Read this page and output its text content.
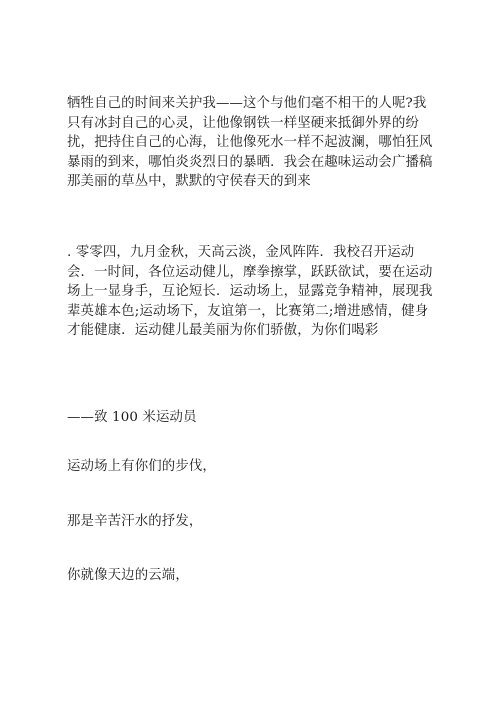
牺牲自己的时间来关护我——这个与他们毫不相干的人呢?我只有冰封自己的心灵，让他像钢铁一样坚硬来抵御外界的纷扰，把持住自己的心海，让他像死水一样不起波澜，哪怕狂风暴雨的到来，哪怕炎炎烈日的暴晒．我会在趣味运动会广播稿那美丽的草丛中，默默的守侯春天的到来

. 零零四，九月金秋，天高云淡，金风阵阵．我校召开运动会．一时间，各位运动健儿，摩拳擦掌，跃跃欲试，要在运动场上一显身手，互论短长．运动场上，显露竞争精神，展现我辈英雄本色;运动场下，友谊第一，比赛第二;增进感情，健身才能健康．运动健儿最美丽为你们骄傲，为你们喝彩

——致 100 米运动员

运动场上有你们的步伐，

那是辛苦汗水的抒发，

你就像天边的云端，
